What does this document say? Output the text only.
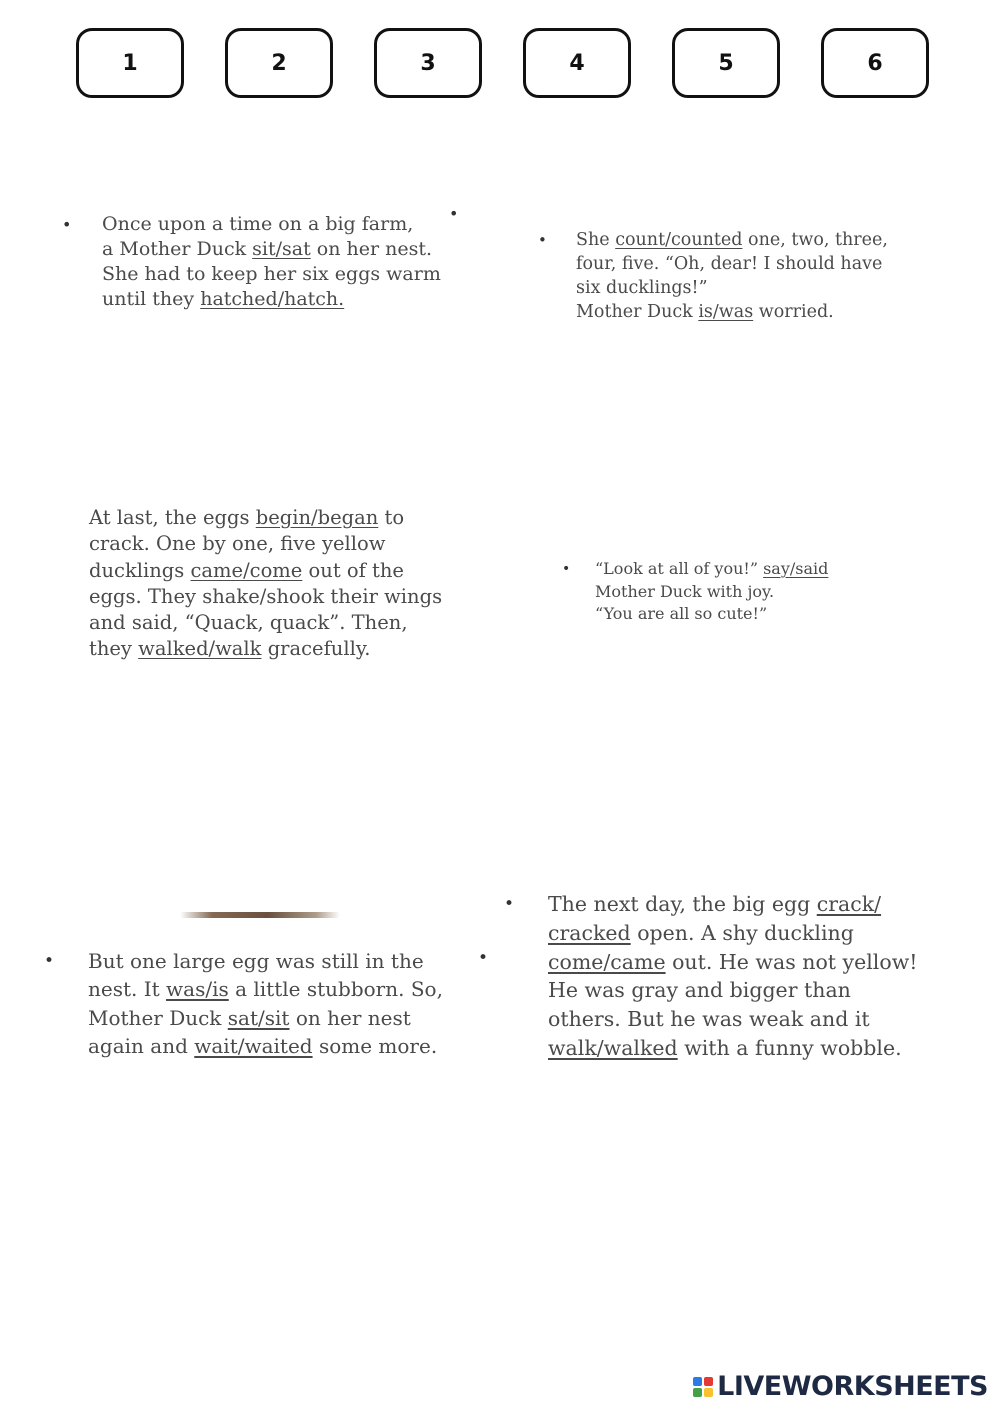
1	2	3	4	5	6
• Once upon a time on a big farm,

a Mother Duck sit/sat on her nest.

She had to keep her six eggs warm

until they hatched/hatch.

•
• She count/counted one, two, three,

four, five. “Oh, dear! I should have

six ducklings!”

Mother Duck is/was worried.

At last, the eggs begin/began to

crack. One by one, five yellow

ducklings came/come out of the

eggs. They shake/shook their wings

and said, “Quack, quack”. Then,

they walked/walk gracefully.

• “Look at all of you!” say/said

Mother Duck with joy.

“You are all so cute!”

• But one large egg was still in the

nest. It was/is a little stubborn. So,

Mother Duck sat/sit on her nest

again and wait/waited some more.

• The next day, the big egg crack/

cracked open. A shy duckling

come/came out. He was not yellow!

He was gray and bigger than

others. But he was weak and it

walk/walked with a funny wobble.

•
LIVEWORKSHEETS
